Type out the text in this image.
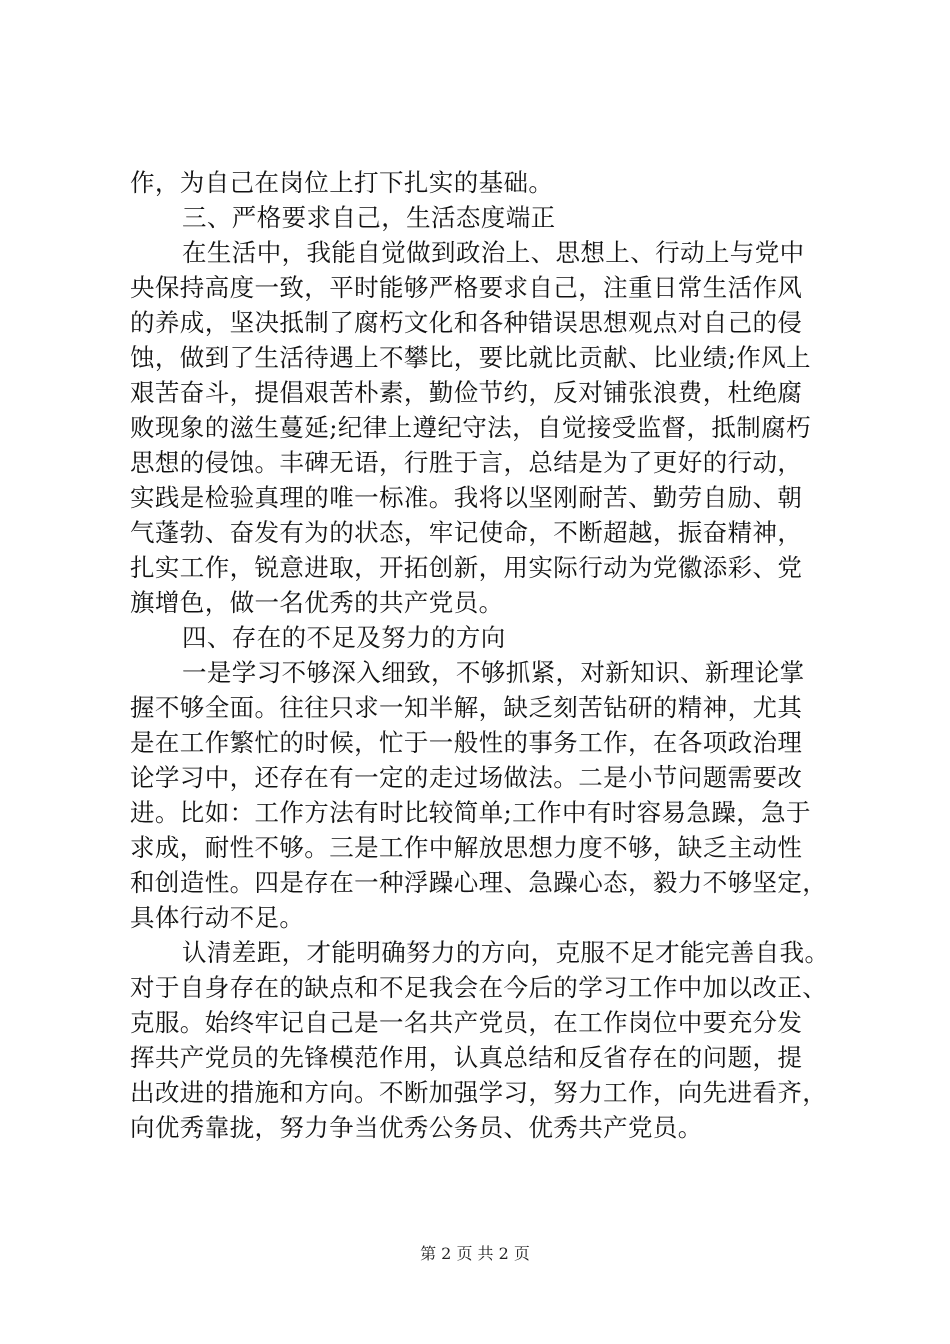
作，为自己在岗位上打下扎实的基础。
三、严格要求自己，生活态度端正
在生活中，我能自觉做到政治上、思想上、行动上与党中
央保持高度一致，平时能够严格要求自己，注重日常生活作风
的养成，坚决抵制了腐朽文化和各种错误思想观点对自己的侵
蚀，做到了生活待遇上不攀比，要比就比贡献、比业绩;作风上
艰苦奋斗，提倡艰苦朴素，勤俭节约，反对铺张浪费，杜绝腐
败现象的滋生蔓延;纪律上遵纪守法，自觉接受监督，抵制腐朽
思想的侵蚀。丰碑无语，行胜于言，总结是为了更好的行动，
实践是检验真理的唯一标准。我将以坚刚耐苦、勤劳自励、朝
气蓬勃、奋发有为的状态，牢记使命，不断超越，振奋精神，
扎实工作，锐意进取，开拓创新，用实际行动为党徽添彩、党
旗增色，做一名优秀的共产党员。
四、存在的不足及努力的方向
一是学习不够深入细致，不够抓紧，对新知识、新理论掌
握不够全面。往往只求一知半解，缺乏刻苦钻研的精神，尤其
是在工作繁忙的时候，忙于一般性的事务工作，在各项政治理
论学习中，还存在有一定的走过场做法。二是小节问题需要改
进。比如：工作方法有时比较简单;工作中有时容易急躁，急于
求成，耐性不够。三是工作中解放思想力度不够，缺乏主动性
和创造性。四是存在一种浮躁心理、急躁心态，毅力不够坚定，
具体行动不足。
认清差距，才能明确努力的方向，克服不足才能完善自我。
对于自身存在的缺点和不足我会在今后的学习工作中加以改正、
克服。始终牢记自己是一名共产党员，在工作岗位中要充分发
挥共产党员的先锋模范作用，认真总结和反省存在的问题，提
出改进的措施和方向。不断加强学习，努力工作，向先进看齐，
向优秀靠拢，努力争当优秀公务员、优秀共产党员。
第 2 页 共 2 页
